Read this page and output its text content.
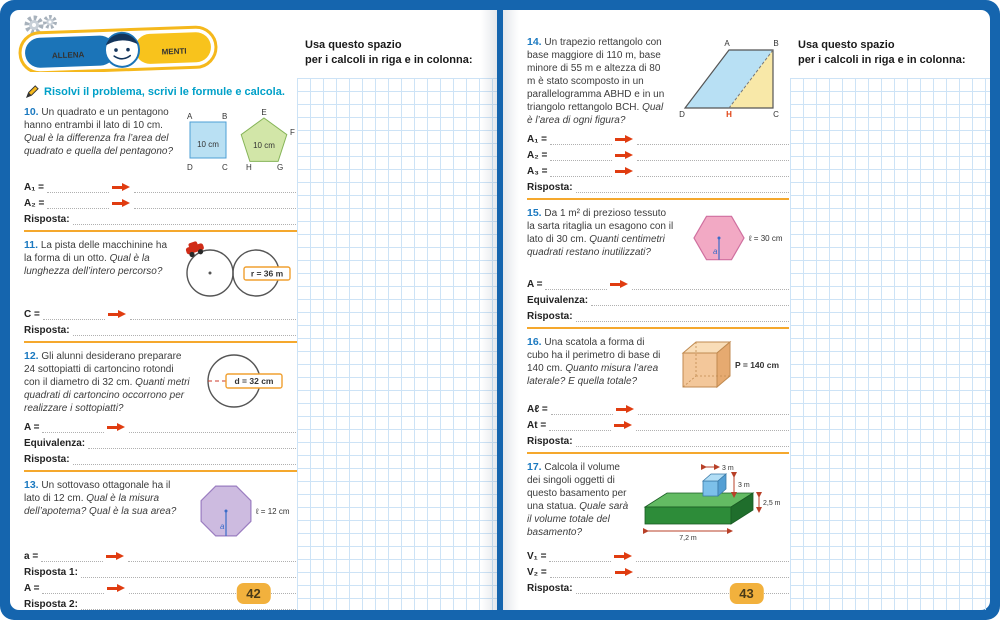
ALLENA	MENTI
Risolvi il problema, scrivi le formule e calcola.
A	B
D	C
10 cm
E
F
H	G
10 cm

10. Un quadrato e un pentagono hanno entrambi il lato di 10 cm. Qual è la differenza fra l’area del quadrato e quella del pentagono?

A₁ =
A₂ =
Risposta:
r = 36 m

11. La pista delle macchinine ha la forma di un otto. Qual è la lunghezza dell’intero percorso?

C =
Risposta:
d = 32 cm

12. Gli alunni desiderano preparare 24 sottopiatti di cartoncino rotondi con il diametro di 32 cm. Quanti metri quadrati di cartoncino occorrono per realizzare i sottopiatti?

A =
Equivalenza:
Risposta:
a
ℓ = 12 cm

13. Un sottovaso ottagonale ha il lato di 12 cm. Qual è la misura dell’apotema? Qual è la sua area?

a =
Risposta 1:
A =
Risposta 2:
Usa questo spazio
per i calcoli in riga e in colonna:
42
A	B
D	H	C

14. Un trapezio rettangolo con base maggiore di 110 m, base minore di 55 m e altezza di 80 m è stato scomposto in un parallelogramma ABHD e in un triangolo rettangolo BCH. Qual è l’area di ogni figura?

A₁ =
A₂ =
A₃ =
Risposta:
a
ℓ = 30 cm

15. Da 1 m² di prezioso tessuto la sarta ritaglia un esagono con il lato di 30 cm. Quanti centimetri quadrati restano inutilizzati?

A =
Equivalenza:
Risposta:
P = 140 cm

16. Una scatola a forma di cubo ha il perimetro di base di 140 cm. Quanto misura l’area laterale? E quella totale?

Aℓ =
At =
Risposta:
3 m
3 m
2,5 m
7,2 m

17. Calcola il volume dei singoli oggetti di questo basamento per una statua. Quale sarà il volume totale del basamento?

V₁ =
V₂ =
Risposta:
Usa questo spazio
per i calcoli in riga e in colonna:
43
